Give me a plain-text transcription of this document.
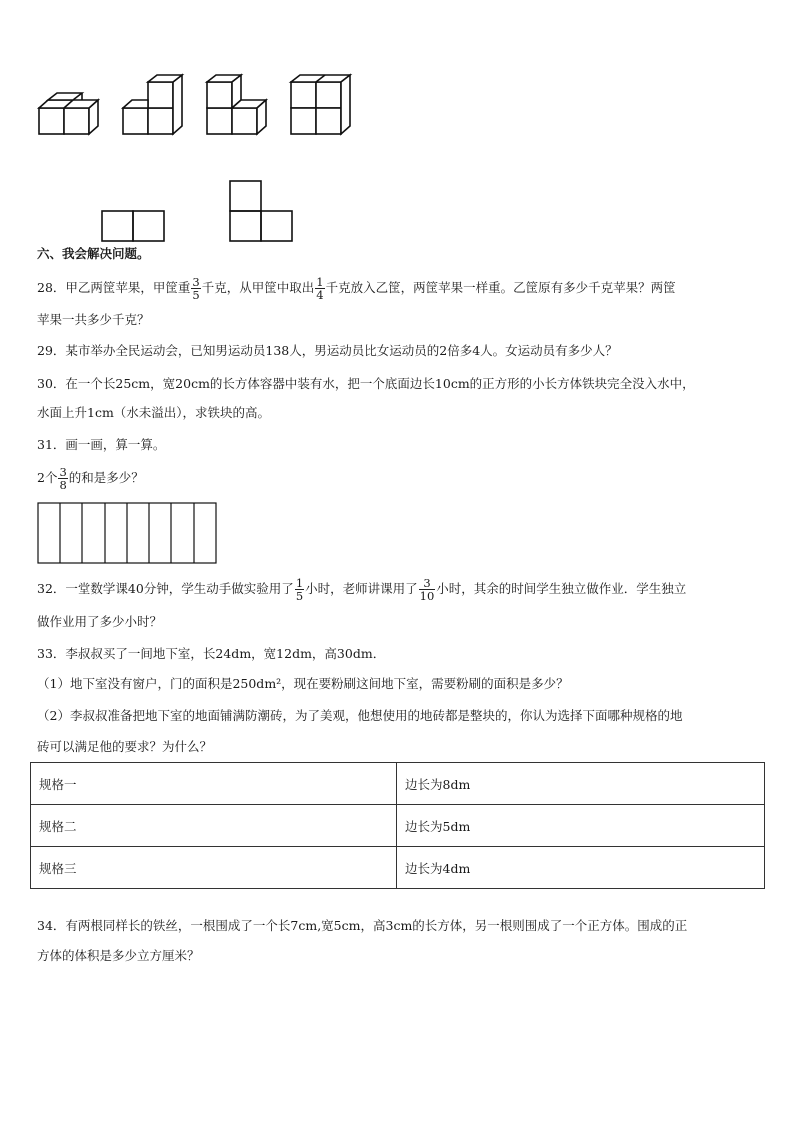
六、我会解决问题。
28．甲乙两筐苹果，甲筐重 $\frac{3}{5}$ 千克，从甲筐中取出 $\frac{1}{4}$ 千克放入乙筐，两筐苹果一样重。乙筐原有多少千克苹果？两筐
苹果一共多少千克？
29．某市举办全民运动会，已知男运动员138人，男运动员比女运动员的2倍多4人。女运动员有多少人？
30．在一个长25cm，宽20cm的长方体容器中装有水，把一个底面边长10cm的正方形的小长方体铁块完全没入水中，
水面上升1cm（水未溢出），求铁块的高。
31．画一画，算一算。
2个 $\frac{3}{8}$ 的和是多少？
32．一堂数学课40分钟，学生动手做实验用了 $\frac{1}{5}$ 小时，老师讲课用了 $\frac{3}{10}$ 小时，其余的时间学生独立做作业．学生独立
做作业用了多少小时？
33．李叔叔买了一间地下室，长24dm，宽12dm，高30dm．
（1）地下室没有窗户，门的面积是250dm²，现在要粉刷这间地下室，需要粉刷的面积是多少？
（2）李叔叔准备把地下室的地面铺满防潮砖，为了美观，他想使用的地砖都是整块的，你认为选择下面哪种规格的地
砖可以满足他的要求？为什么？
规格一	边长为8dm
规格二	边长为5dm
规格三	边长为4dm
34．有两根同样长的铁丝，一根围成了一个长7cm,宽5cm，高3cm的长方体，另一根则围成了一个正方体。围成的正
方体的体积是多少立方厘米？
